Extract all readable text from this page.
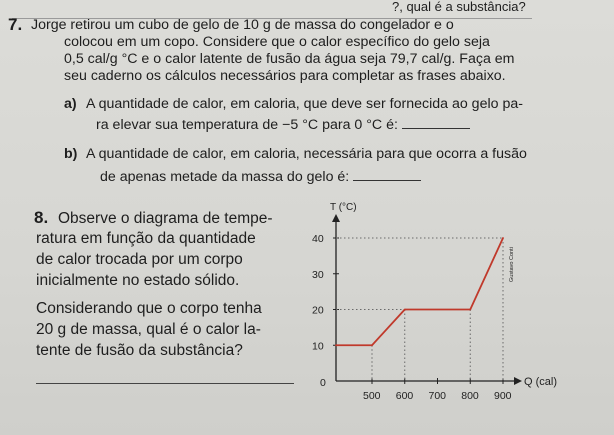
?, qual é a substância?
7. Jorge retirou um cubo de gelo de 10 g de massa do congelador e o
colocou em um copo. Considere que o calor específico do gelo seja
0,5 cal/g °C e o calor latente de fusão da água seja 79,7 cal/g. Faça em
seu caderno os cálculos necessários para completar as frases abaixo.
a) A quantidade de calor, em caloria, que deve ser fornecida ao gelo pa-
ra elevar sua temperatura de −5 °C para 0 °C é:
b) A quantidade de calor, em caloria, necessária para que ocorra a fusão
de apenas metade da massa do gelo é:
8. Observe o diagrama de tempe-
ratura em função da quantidade
de calor trocada por um corpo
inicialmente no estado sólido.
Considerando que o corpo tenha
20 g de massa, qual é o calor la-
tente de fusão da substância?
T (°C)
Q (cal)
10
20
30
40
0
500 600 700 800 900
Gustavo Conti
